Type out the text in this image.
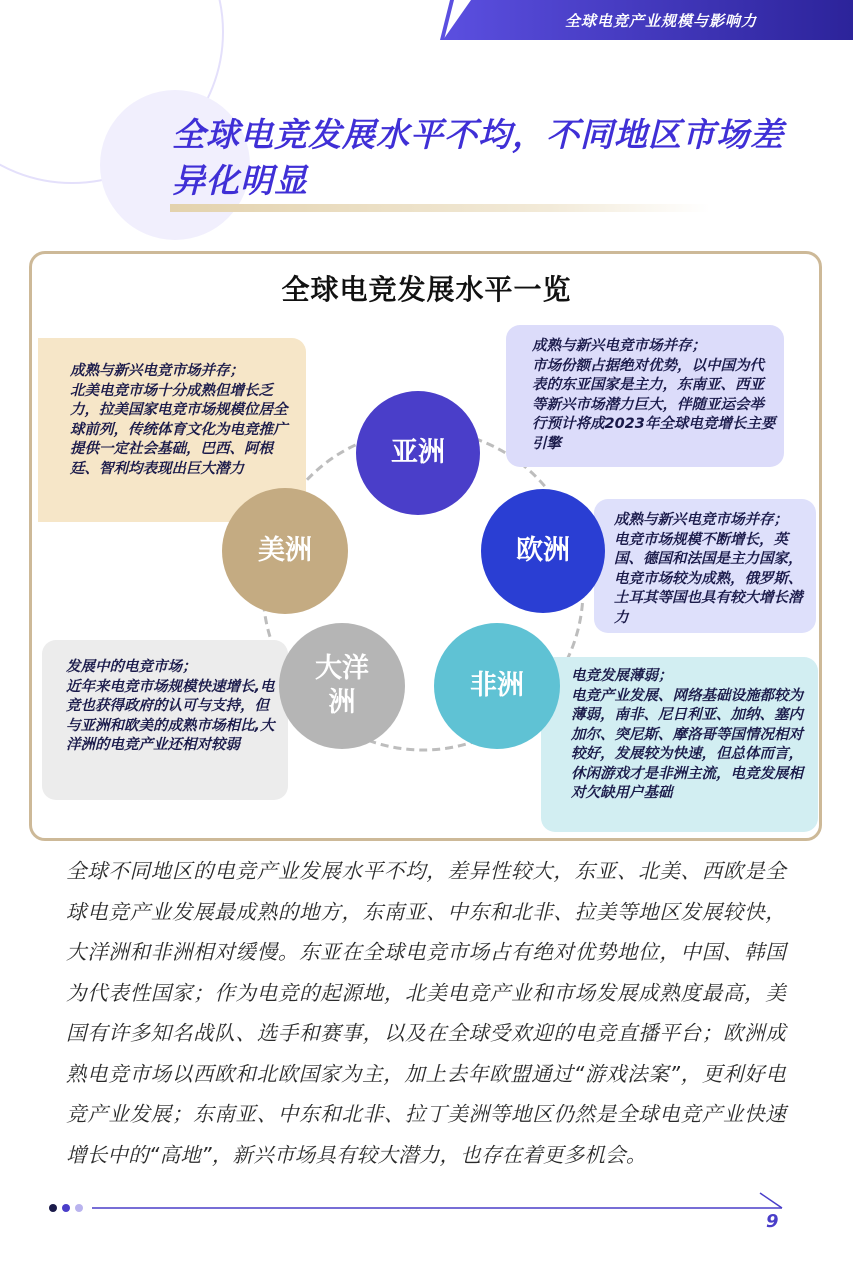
全球电竞产业规模与影响力
全球电竞发展水平不均，不同地区市场差异化明显
全球电竞发展水平一览
成熟与新兴电竞市场并存；
北美电竞市场十分成熟但增长乏力，拉美国家电竞市场规模位居全球前列，传统体育文化为电竞推广提供一定社会基础，巴西、阿根廷、智利均表现出巨大潜力
成熟与新兴电竞市场并存；
市场份额占据绝对优势，以中国为代表的东亚国家是主力，东南亚、西亚等新兴市场潜力巨大，伴随亚运会举行预计将成2023年全球电竞增长主要引擎
成熟与新兴电竞市场并存；
电竞市场规模不断增长，英国、德国和法国是主力国家，电竞市场较为成熟，俄罗斯、土耳其等国也具有较大增长潜力
发展中的电竞市场；
近年来电竞市场规模快速增长,电竞也获得政府的认可与支持，但与亚洲和欧美的成熟市场相比,大洋洲的电竞产业还相对较弱
电竞发展薄弱；
电竞产业发展、网络基础设施都较为薄弱，南非、尼日利亚、加纳、塞内加尔、突尼斯、摩洛哥等国情况相对较好，发展较为快速，但总体而言，休闲游戏才是非洲主流，电竞发展相对欠缺用户基础
亚洲
美洲	欧洲
大洋
洲
非洲
全球不同地区的电竞产业发展水平不均，差异性较大，东亚、北美、西欧是全球电竞产业发展最成熟的地方，东南亚、中东和北非、拉美等地区发展较快，大洋洲和非洲相对缓慢。东亚在全球电竞市场占有绝对优势地位，中国、韩国为代表性国家；作为电竞的起源地，北美电竞产业和市场发展成熟度最高，美国有许多知名战队、选手和赛事，以及在全球受欢迎的电竞直播平台；欧洲成熟电竞市场以西欧和北欧国家为主，加上去年欧盟通过“游戏法案”，更利好电竞产业发展；东南亚、中东和北非、拉丁美洲等地区仍然是全球电竞产业快速增长中的“高地”，新兴市场具有较大潜力，也存在着更多机会。
9
